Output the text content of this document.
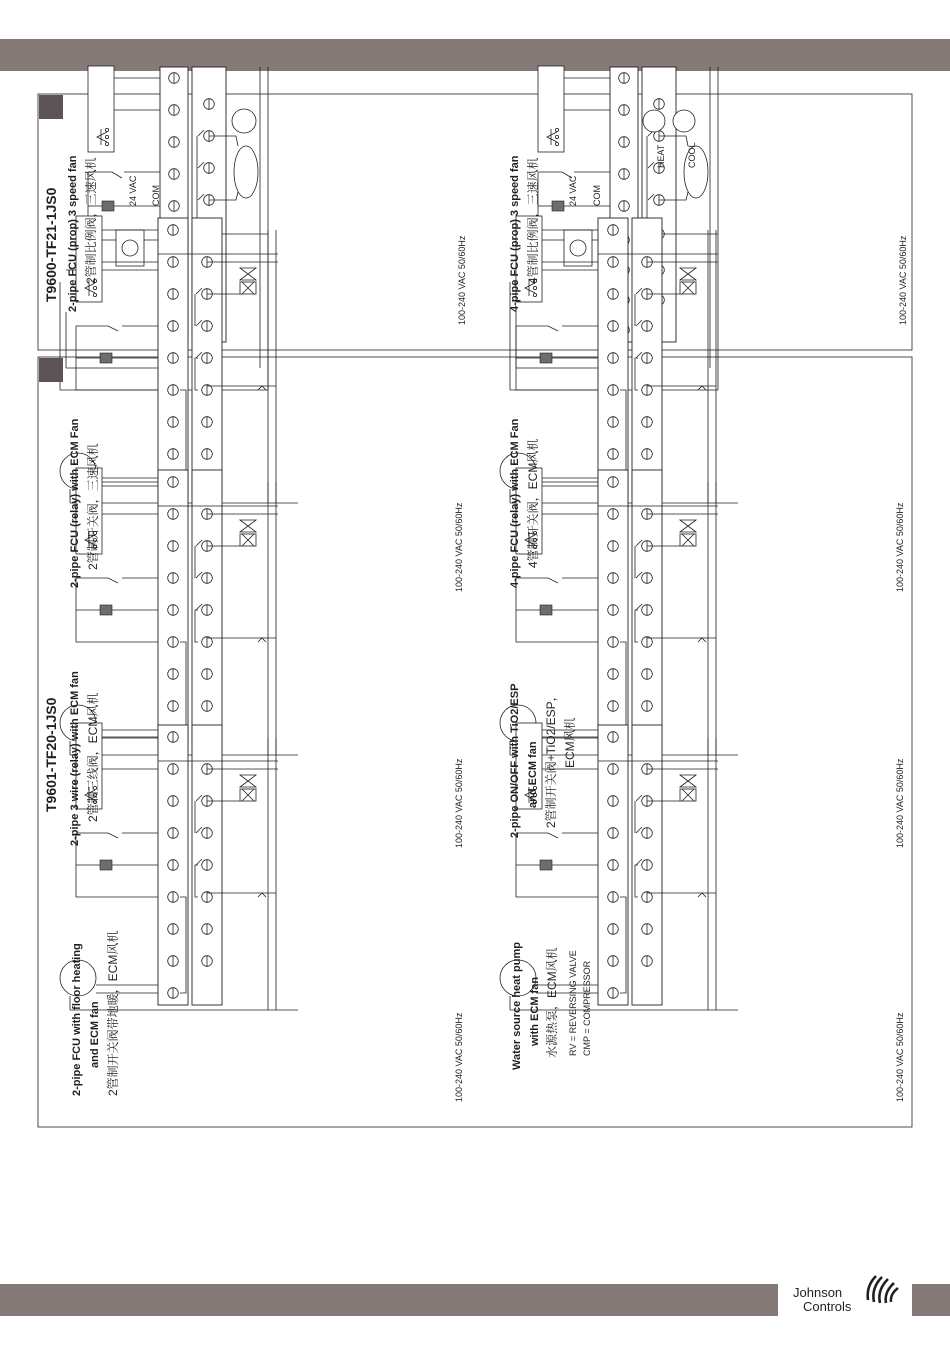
T9600-TF21-1JS0 2-pipe FCU (prop) 3 speed fan 2管制比例阀，三速风机	24 VAC COM
100-240 VAC 50/60Hz	4-pipe FCU (prop) 3 speed fan 4管制比例阀，三速风机	24 VAC COM
HEAT COOL
100-240 VAC 50/60Hz
T9601-TF20-1JS0
2-pipe FCU (relay) with ECM Fan 2管制开关阀，三速风机	100-240 VAC 50/60Hz
2-pipe 3 wire (relay) with ECM fan 2管制三线阀，ECM风机	100-240 VAC 50/60Hz
2-pipe FCU with floor heating and ECM fan 2管制开关阀带地暖，ECM风机	100-240 VAC 50/60Hz
4-pipe FCU (relay) with ECM Fan 4管制开关阀，ECM风机	100-240 VAC 50/60Hz
2-pipe ON/OFF with TiO2/ESP and ECM fan 2管制开关阀+TiO2/ESP， ECM风机
100-240 VAC 50/60Hz
Water source heat pump with ECM fan 水源热泵，ECM风机 RV = REVERSING VALVE CMP = COMPRESSOR
100-240 VAC 50/60Hz
Johnson
Controls
